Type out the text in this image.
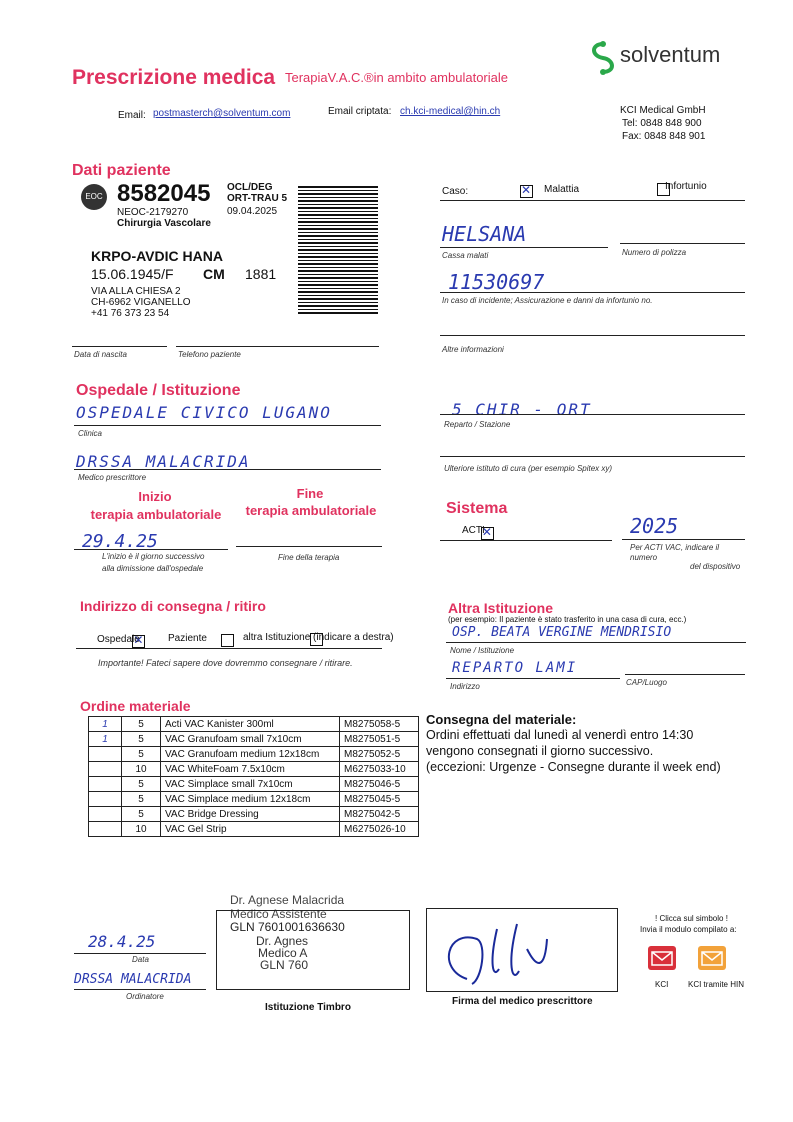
Prescrizione medica TerapiaV.A.C.®in ambito ambulatoriale
solventum
Email: postmasterch@solventum.com	Email criptata: ch.kci-medical@hin.ch	KCI Medical GmbH
Tel: 0848 848 900
Fax: 0848 848 901
Dati paziente
EOC 8582045 OCL/DEG
ORT-TRAU 5
NEOC-2179270	09.04.2025
Chirurgia Vascolare
KRPO-AVDIC HANA
15.06.1945/F CM 1881
VIA ALLA CHIESA 2
CH-6962 VIGANELLO
+41 76 373 23 54
Data di nascita	Telefono paziente
Caso: ✕	Malattia
	Infortunio
HELSANA
Cassa malati	Numero di polizza
11530697
In caso di incidente; Assicurazione e danni da infortunio no.
Altre informazioni
Ospedale / Istituzione
OSPEDALE CIVICO LUGANO
Clinica
DRSSA MALACRIDA
Medico prescrittore
5 CHIR - ORT
Reparto / Stazione
Ulteriore istituto di cura (per esempio Spitex xy)
Inizio
terapia ambulatoriale
Fine
terapia ambulatoriale
29.4.25
L'inizio è il giorno successivo
alla dimissione dall'ospedale
Fine della terapia
Sistema
✕
ACTI	2025
Per ACTI VAC, indicare il
numero
del dispositivo
Indirizzo di consegna / ritiro
✕
Ospedale
	Paziente	altra Istituzione (indicare a destra)
Importante! Fateci sapere dove dovremmo consegnare / ritirare.
Altra Istituzione
(per esempio: Il paziente è stato trasferito in una casa di cura, ecc.)
OSP. BEATA VERGINE MENDRISIO
Nome / Istituzione
REPARTO LAMI
Indirizzo	CAP/Luogo
Ordine materiale
1	5	Acti VAC Kanister 300ml	M8275058-5
1	5	VAC Granufoam small 7x10cm	M8275051-5
	5	VAC Granufoam medium 12x18cm	M8275052-5
	10	VAC WhiteFoam 7.5x10cm	M6275033-10
	5	VAC Simplace small 7x10cm	M8275046-5
	5	VAC Simplace medium 12x18cm	M8275045-5
	5	VAC Bridge Dressing	M8275042-5
	10	VAC Gel Strip	M6275026-10
Consegna del materiale:
Ordini effettuati dal lunedì al venerdì entro 14:30
vengono consegnati il giorno successivo.
(eccezioni: Urgenze - Consegne durante il week end)
28.4.25
Data
DRSSA MALACRIDA
Ordinatore
Dr. Agnese Malacrida
Medico Assistente
GLN 7601001636630
Dr. Agnes
Medico A
GLN 760
Istituzione Timbro
Firma del medico prescrittore
! Clicca sul simbolo !
Invia il modulo compilato a:
KCI KCI tramite HIN
